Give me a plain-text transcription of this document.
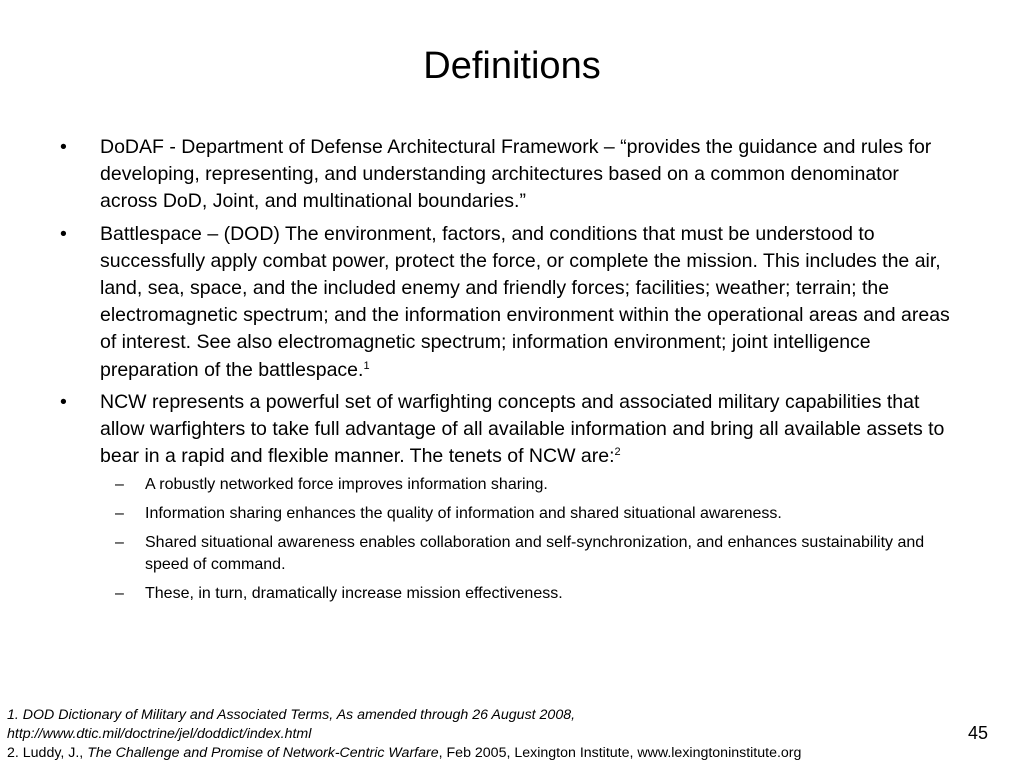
Definitions
• DoDAF - Department of Defense Architectural Framework – “provides the guidance and rules for developing, representing, and understanding architectures based on a common denominator across DoD, Joint, and multinational boundaries.”
• Battlespace – (DOD) The environment, factors, and conditions that must be understood to successfully apply combat power, protect the force, or complete the mission. This includes the air, land, sea, space, and the included enemy and friendly forces; facilities; weather; terrain; the electromagnetic spectrum; and the information environment within the operational areas and areas of interest. See also electromagnetic spectrum; information environment; joint intelligence preparation of the battlespace.$^1$
• NCW represents a powerful set of warfighting concepts and associated military capabilities that allow warfighters to take full advantage of all available information and bring all available assets to bear in a rapid and flexible manner. The tenets of NCW are:$^2$
– A robustly networked force improves information sharing.
– Information sharing enhances the quality of information and shared situational awareness.
– Shared situational awareness enables collaboration and self-synchronization, and enhances sustainability and speed of command.
– These, in turn, dramatically increase mission effectiveness.
1. DOD Dictionary of Military and Associated Terms, As amended through 26 August 2008,
http://www.dtic.mil/doctrine/jel/doddict/index.html
2. Luddy, J., The Challenge and Promise of Network-Centric Warfare, Feb 2005, Lexington Institute, www.lexingtoninstitute.org
45
